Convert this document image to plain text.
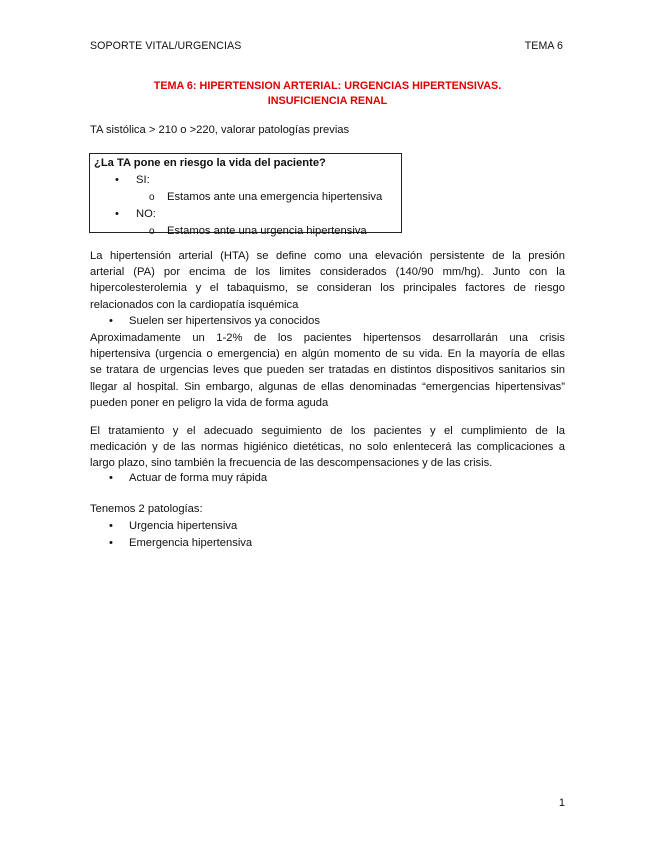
SOPORTE VITAL/URGENCIAS	TEMA 6
TEMA 6: HIPERTENSION ARTERIAL: URGENCIAS HIPERTENSIVAS.
INSUFICIENCIA RENAL
TA sistólica > 210 o >220, valorar patologías previas
¿La TA pone en riesgo la vida del paciente?
• SI:
o Estamos ante una emergencia hipertensiva
• NO:
o Estamos ante una urgencia hipertensiva
La hipertensión arterial (HTA) se define como una elevación persistente de la presión
arterial (PA) por encima de los limites considerados (140/90 mm/hg). Junto con la
hipercolesterolemia y el tabaquismo, se consideran los principales factores de riesgo
relacionados con la cardiopatía isquémica
• Suelen ser hipertensivos ya conocidos
Aproximadamente un 1-2% de los pacientes hipertensos desarrollarán una crisis
hipertensiva (urgencia o emergencia) en algún momento de su vida. En la mayoría de ellas
se tratara de urgencias leves que pueden ser tratadas en distintos dispositivos sanitarios sin
llegar al hospital. Sin embargo, algunas de ellas denominadas “emergencias hipertensivas”
pueden poner en peligro la vida de forma aguda
El tratamiento y el adecuado seguimiento de los pacientes y el cumplimiento de la
medicación y de las normas higiénico dietéticas, no solo enlentecerá las complicaciones a
largo plazo, sino también la frecuencia de las descompensaciones y de las crisis.
• Actuar de forma muy rápida
Tenemos 2 patologías:
• Urgencia hipertensiva
• Emergencia hipertensiva
1
